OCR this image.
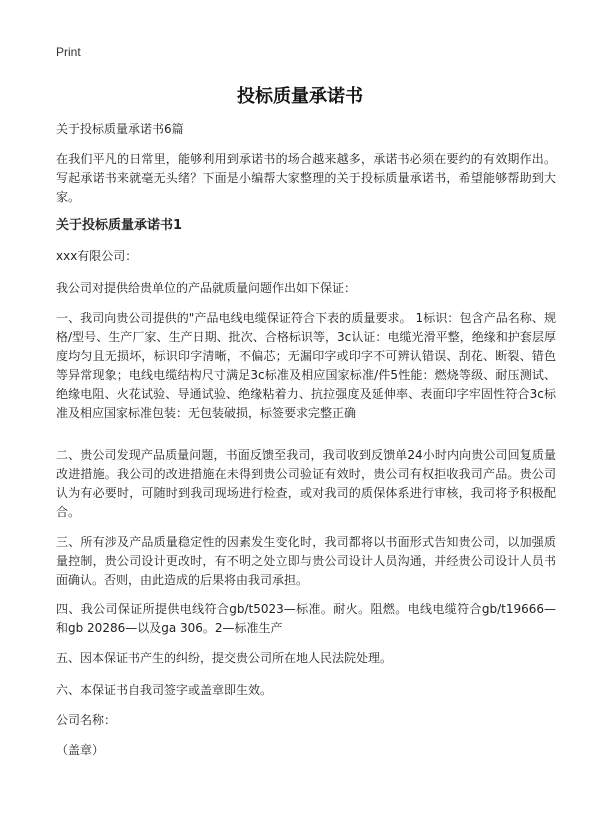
Print
投标质量承诺书
关于投标质量承诺书6篇
在我们平凡的日常里，能够利用到承诺书的场合越来越多，承诺书必须在要约的有效期作出。写起承诺书来就毫无头绪？下面是小编帮大家整理的关于投标质量承诺书，希望能够帮助到大家。
关于投标质量承诺书1
xxx有限公司：
我公司对提供给贵单位的产品就质量问题作出如下保证：
一、我司向贵公司提供的"产品电线电缆保证符合下表的质量要求。 1标识：包含产品名称、规格/型号、生产厂家、生产日期、批次、合格标识等，3c认证：电缆光滑平整，绝缘和护套层厚度均匀且无损坏，标识印字清晰，不偏芯；无漏印字或印字不可辨认错误、刮花、断裂、错色等异常现象；电线电缆结构尺寸满足3c标准及相应国家标准/件5性能：燃烧等级、耐压测试、绝缘电阻、火花试验、导通试验、绝缘粘着力、抗拉强度及延伸率、表面印字牢固性符合3c标准及相应国家标准包装：无包装破损，标签要求完整正确
二、贵公司发现产品质量问题，书面反馈至我司，我司收到反馈单24小时内向贵公司回复质量改进措施。我公司的改进措施在未得到贵公司验证有效时，贵公司有权拒收我司产品。贵公司认为有必要时，可随时到我司现场进行检查，或对我司的质保体系进行审核，我司将予积极配合。
三、所有涉及产品质量稳定性的因素发生变化时，我司都将以书面形式告知贵公司，以加强质量控制，贵公司设计更改时，有不明之处立即与贵公司设计人员沟通，并经贵公司设计人员书面确认。否则，由此造成的后果将由我司承担。
四、我公司保证所提供电线符合gb/t5023—标准。耐火。阻燃。电线电缆符合gb/t19666—和gb 20286—以及ga 306。2—标准生产
五、因本保证书产生的纠纷，提交贵公司所在地人民法院处理。
六、本保证书自我司签字或盖章即生效。
公司名称：
（盖章）
